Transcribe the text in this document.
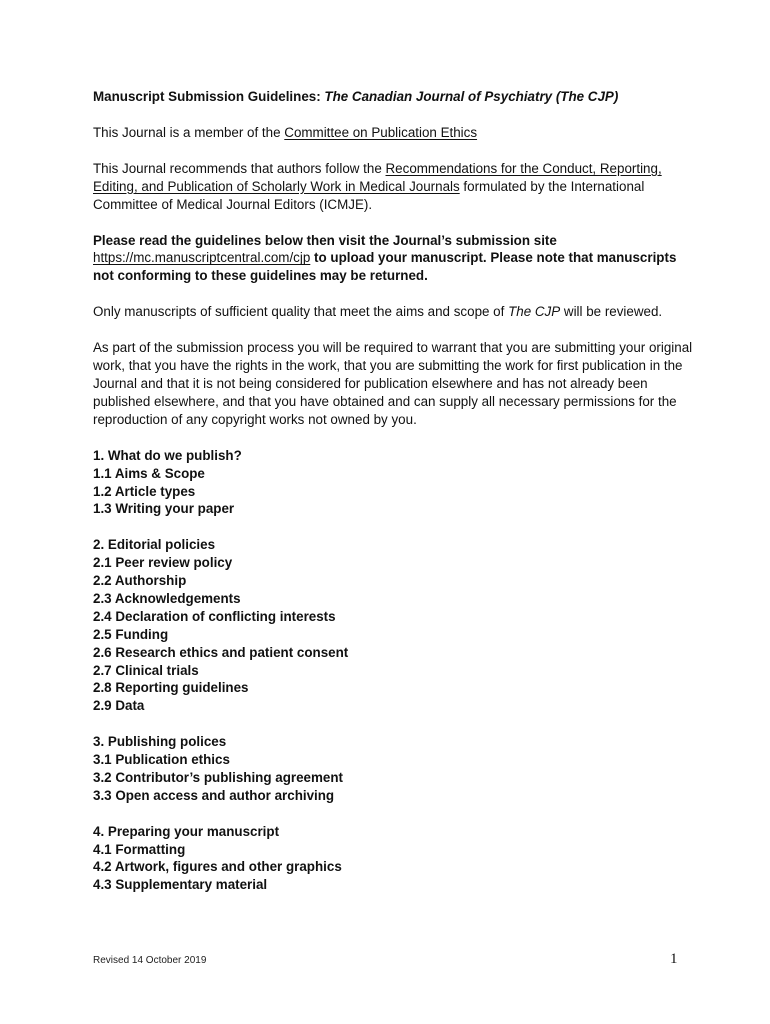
Manuscript Submission Guidelines: The Canadian Journal of Psychiatry (The CJP)

This Journal is a member of the Committee on Publication Ethics

This Journal recommends that authors follow the Recommendations for the Conduct, Reporting, Editing, and Publication of Scholarly Work in Medical Journals formulated by the International Committee of Medical Journal Editors (ICMJE).

Please read the guidelines below then visit the Journal’s submission site https://mc.manuscriptcentral.com/cjp to upload your manuscript. Please note that manuscripts not conforming to these guidelines may be returned.

Only manuscripts of sufficient quality that meet the aims and scope of The CJP will be reviewed.

As part of the submission process you will be required to warrant that you are submitting your original work, that you have the rights in the work, that you are submitting the work for first publication in the Journal and that it is not being considered for publication elsewhere and has not already been published elsewhere, and that you have obtained and can supply all necessary permissions for the reproduction of any copyright works not owned by you.

1. What do we publish?
1.1 Aims & Scope
1.2 Article types
1.3 Writing your paper
2. Editorial policies
2.1 Peer review policy
2.2 Authorship
2.3 Acknowledgements
2.4 Declaration of conflicting interests
2.5 Funding
2.6 Research ethics and patient consent
2.7 Clinical trials
2.8 Reporting guidelines
2.9 Data
3. Publishing polices
3.1 Publication ethics
3.2 Contributor’s publishing agreement
3.3 Open access and author archiving
4. Preparing your manuscript
4.1 Formatting
4.2 Artwork, figures and other graphics
4.3 Supplementary material
Revised 14 October 2019	1
